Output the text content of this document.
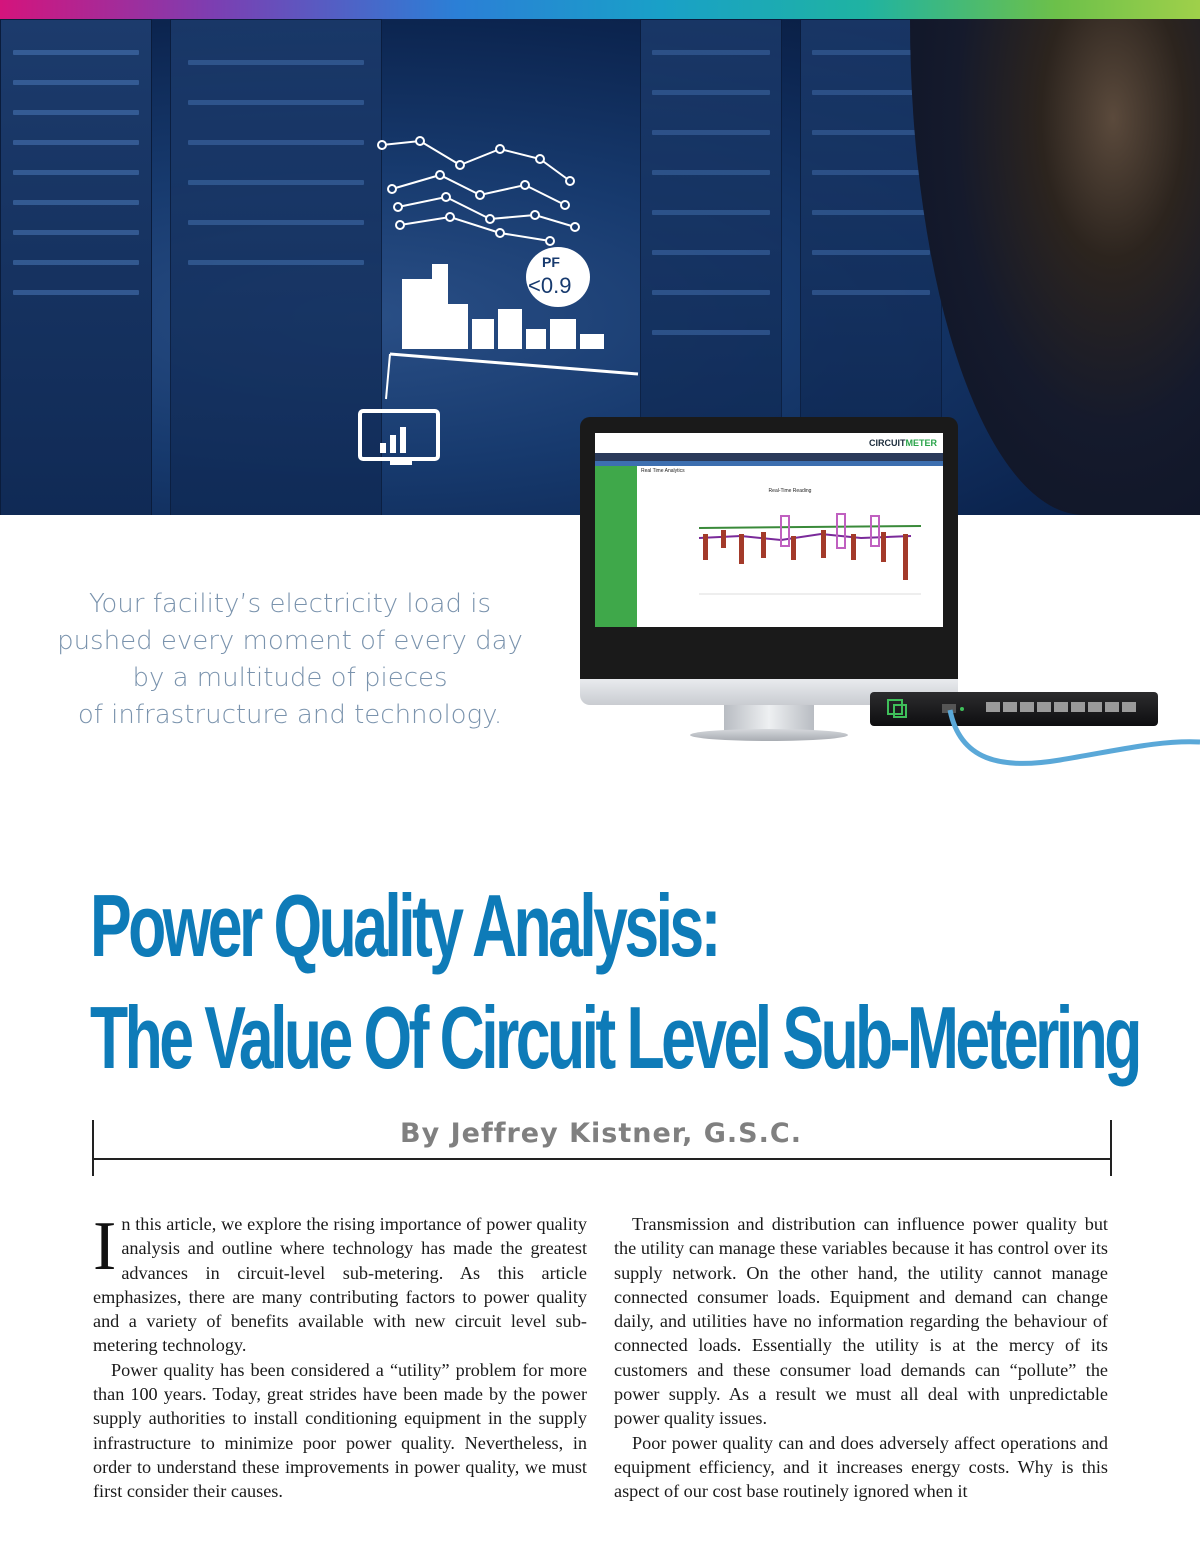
PF
<0.9
Your facility’s electricity load is
pushed every moment of every day
by a multitude of pieces
of infrastructure and technology.
CIRCUITMETER
Real Time Analytics
Real-Time Reading
Power Quality Analysis:
The Value Of Circuit Level Sub-Metering
By Jeffrey Kistner, G.S.C.

In this article, we explore the rising importance of power quality analysis and outline where technology has made the greatest advances in circuit-level sub-metering. As this article emphasizes, there are many contributing factors to power quality and a variety of benefits available with new circuit level sub-metering technology.

Power quality has been considered a “utility” problem for more than 100 years. Today, great strides have been made by the power supply authorities to install conditioning equipment in the supply infrastructure to minimize poor power quality. Nevertheless, in order to understand these improvements in power quality, we must first consider their causes.

Transmission and distribution can influence power quality but the utility can manage these variables because it has control over its supply network. On the other hand, the utility cannot manage connected consumer loads. Equipment and demand can change daily, and utilities have no information regarding the behaviour of connected loads. Essentially the utility is at the mercy of its customers and these consumer load demands can “pollute” the power supply. As a result we must all deal with unpredictable power quality issues.

Poor power quality can and does adversely affect operations and equipment efficiency, and it increases energy costs. Why is this aspect of our cost base routinely ignored when it
